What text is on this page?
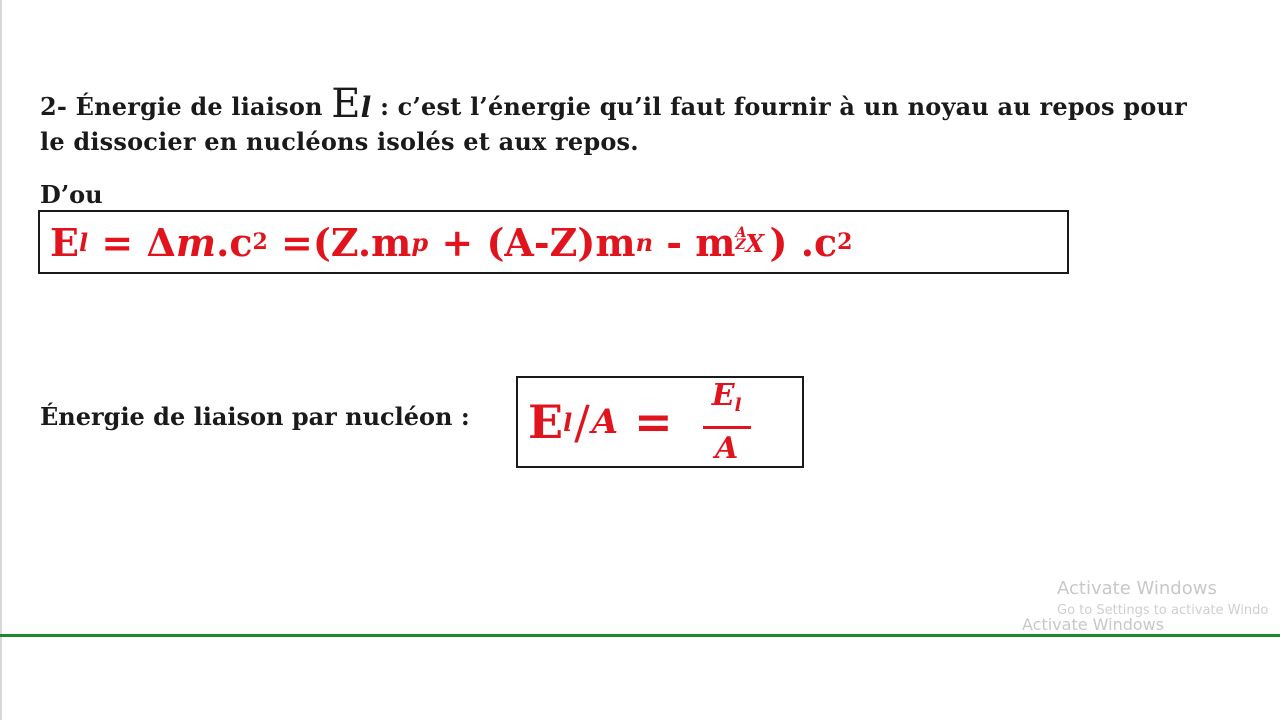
2- Énergie de liaison El : c’est l’énergie qu’il faut fournir à un noyau au repos pour
le dissocier en nucléons isolés et aux repos.
D’ou
E l = Δ m .c 2 =(Z.m p + (A-Z)m n - m A
Z X ) .c 2
Énergie de liaison par nucléon : E $l / A = \frac{E_l}{A}$
Activate Windows
Go to Settings to activate Windo
Activate Windows
